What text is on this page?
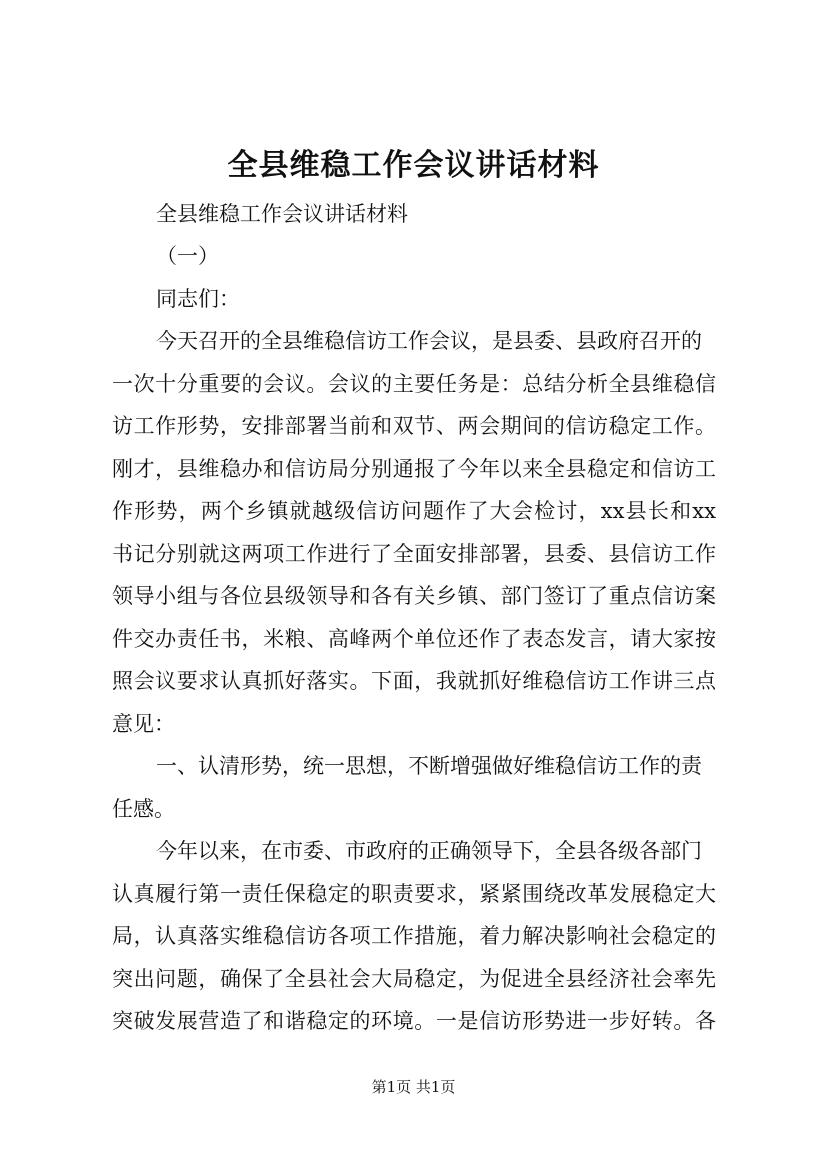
全县维稳工作会议讲话材料
全县维稳工作会议讲话材料
（一）
同志们：
今天召开的全县维稳信访工作会议，是县委、县政府召开的
一次十分重要的会议。会议的主要任务是：总结分析全县维稳信
访工作形势，安排部署当前和双节、两会期间的信访稳定工作。
刚才，县维稳办和信访局分别通报了今年以来全县稳定和信访工
作形势，两个乡镇就越级信访问题作了大会检讨，xx县长和xx
书记分别就这两项工作进行了全面安排部署，县委、县信访工作
领导小组与各位县级领导和各有关乡镇、部门签订了重点信访案
件交办责任书，米粮、高峰两个单位还作了表态发言，请大家按
照会议要求认真抓好落实。下面，我就抓好维稳信访工作讲三点
意见：
一、认清形势，统一思想，不断增强做好维稳信访工作的责
任感。
今年以来，在市委、市政府的正确领导下，全县各级各部门
认真履行第一责任保稳定的职责要求，紧紧围绕改革发展稳定大
局，认真落实维稳信访各项工作措施，着力解决影响社会稳定的
突出问题，确保了全县社会大局稳定，为促进全县经济社会率先
突破发展营造了和谐稳定的环境。一是信访形势进一步好转。各
第1页 共1页
